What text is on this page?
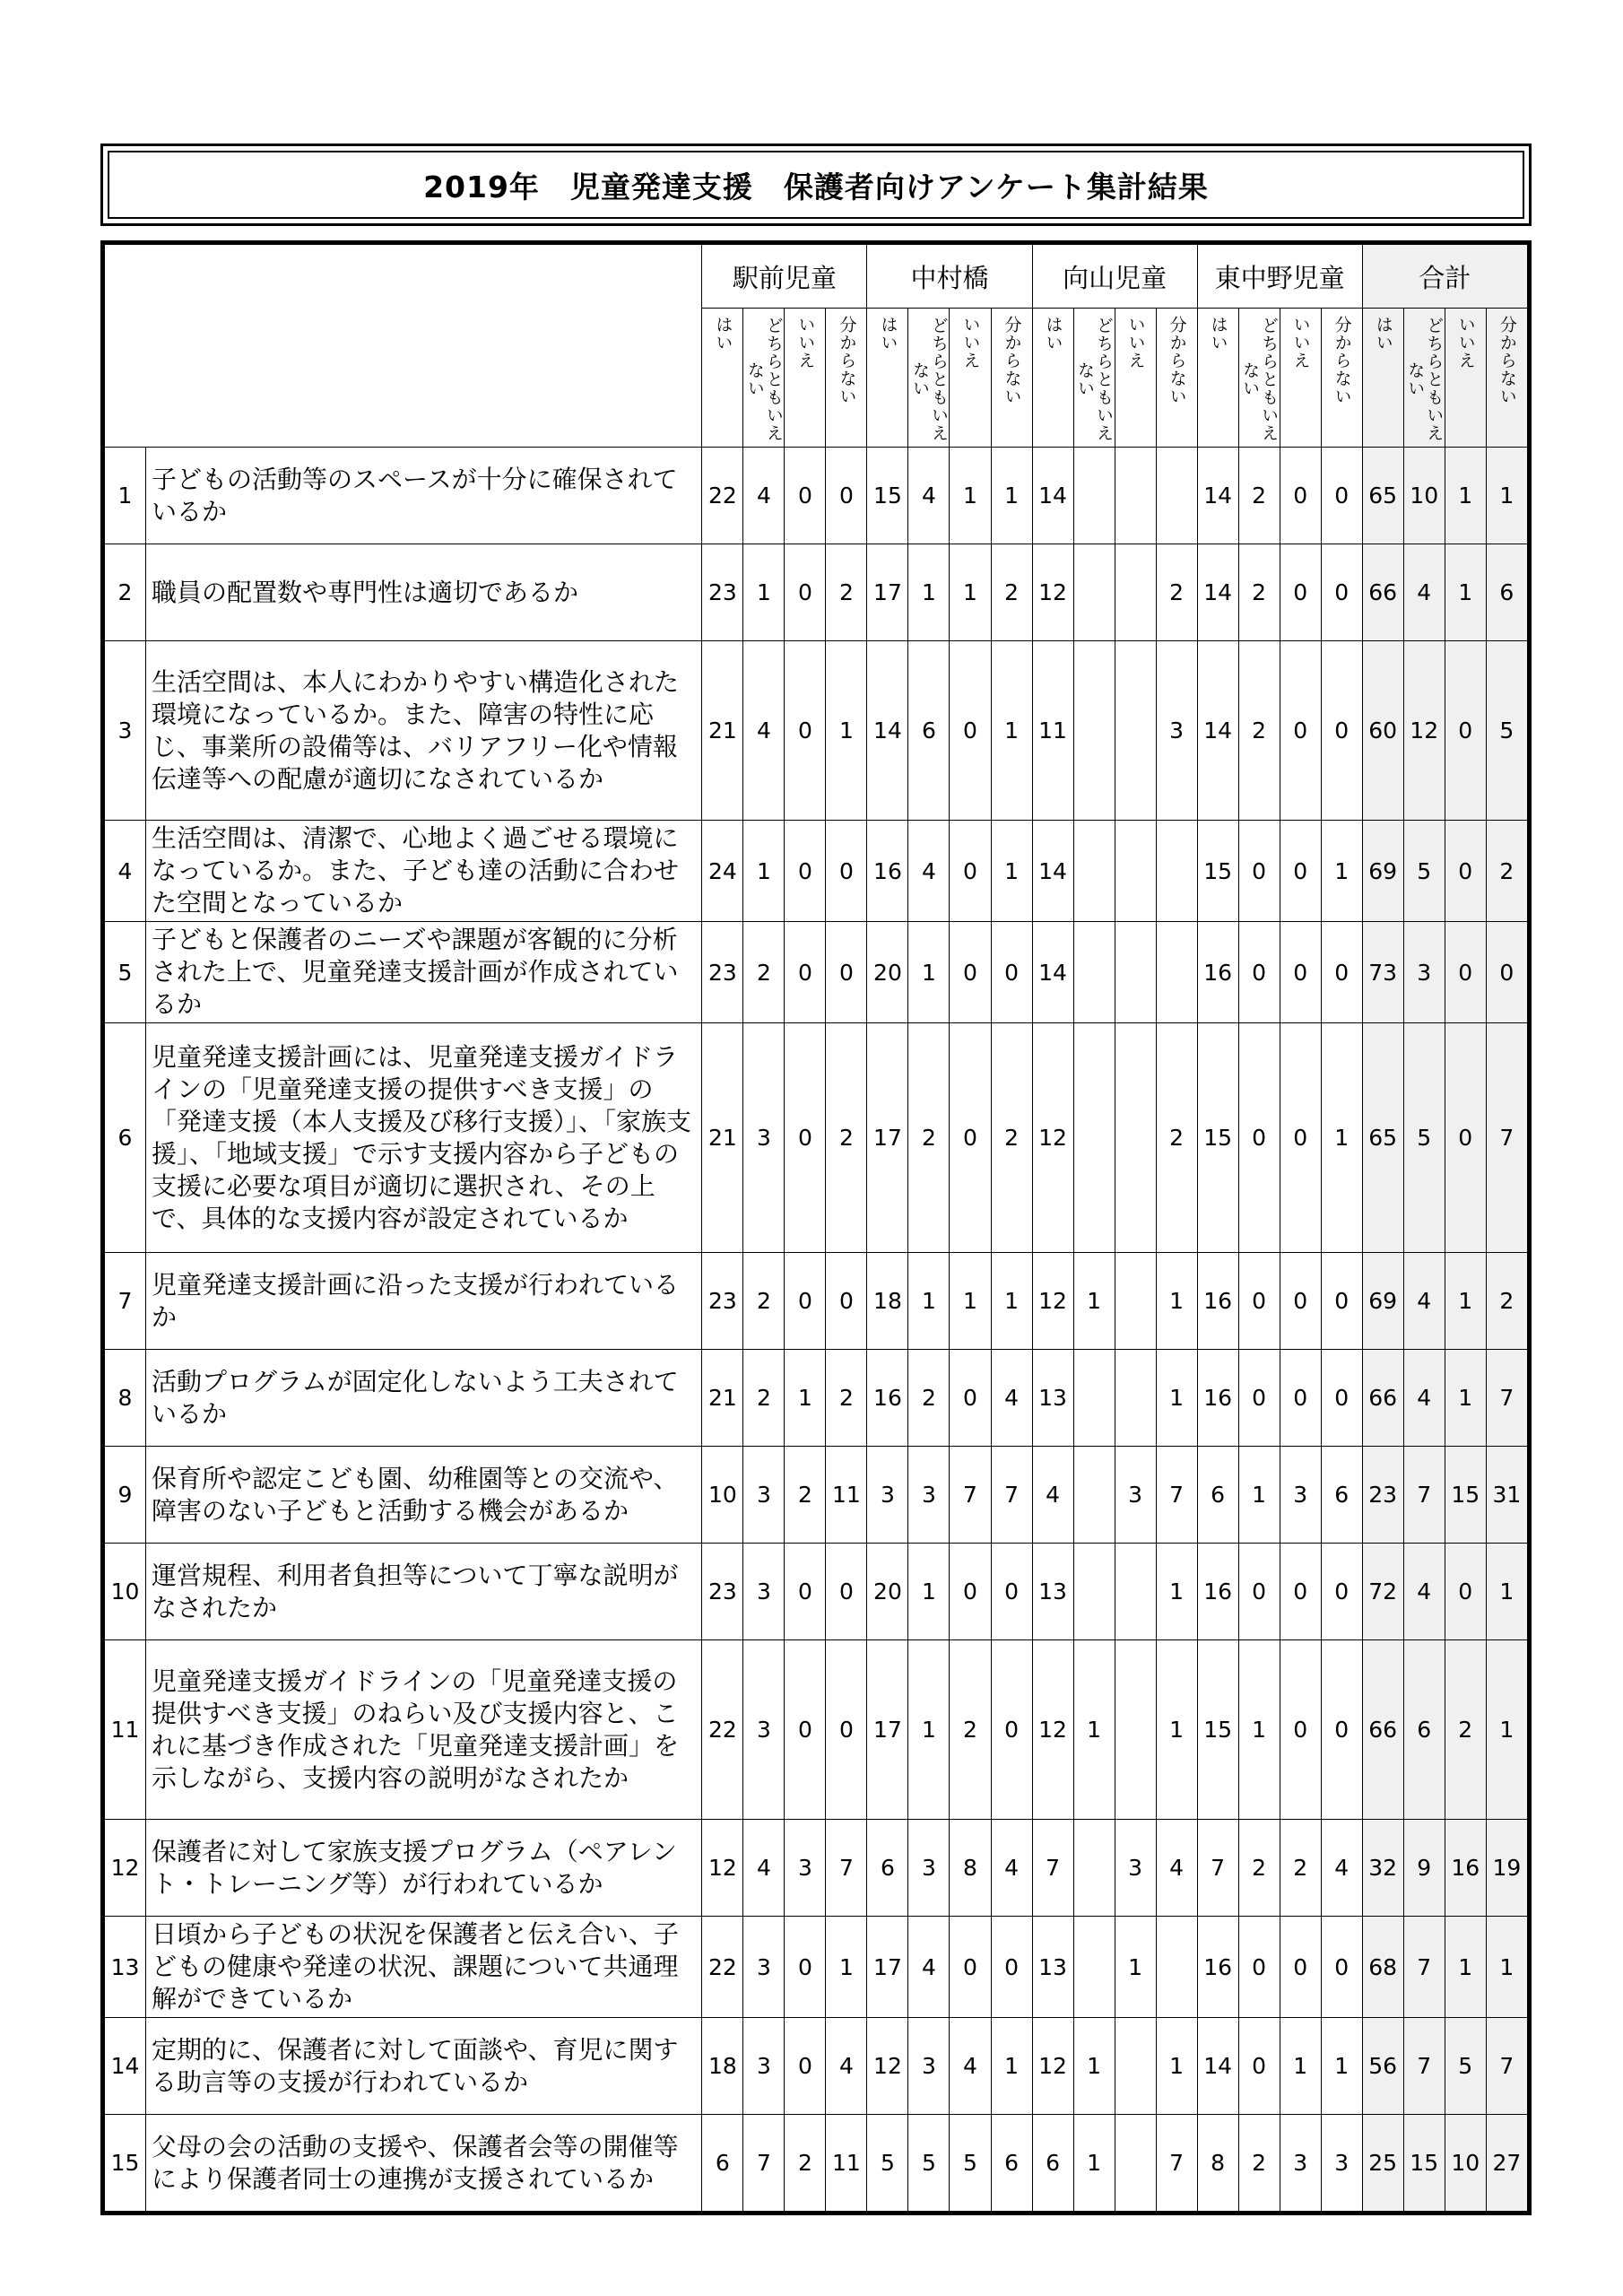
2019年　児童発達支援　保護者向けアンケート集計結果
		駅前児童				中村橋				向山児童				東中野児童				合計			
		はい	どちらともいえない	いいえ	分からない	はい	どちらともいえない	いいえ	分からない	はい	どちらともいえない	いいえ	分からない	はい	どちらともいえない	いいえ	分からない	はい	どちらともいえない	いいえ	分からない
1	子どもの活動等のスペースが十分に確保されているか	22	4	0	0	15	4	1	1	14				14	2	0	0	65	10	1	1
2	職員の配置数や専門性は適切であるか	23	1	0	2	17	1	1	2	12			2	14	2	0	0	66	4	1	6
3	生活空間は、本人にわかりやすい構造化された環境になっているか。また、障害の特性に応じ、事業所の設備等は、バリアフリー化や情報伝達等への配慮が適切になされているか	21	4	0	1	14	6	0	1	11			3	14	2	0	0	60	12	0	5
4	生活空間は、清潔で、心地よく過ごせる環境になっているか。また、子ども達の活動に合わせた空間となっているか	24	1	0	0	16	4	0	1	14				15	0	0	1	69	5	0	2
5	子どもと保護者のニーズや課題が客観的に分析された上で、児童発達支援計画が作成されているか	23	2	0	0	20	1	0	0	14				16	0	0	0	73	3	0	0
6	児童発達支援計画には、児童発達支援ガイドラインの「児童発達支援の提供すべき支援」の「発達支援（本人支援及び移行支援）」、「家族支援」、「地域支援」で示す支援内容から子どもの支援に必要な項目が適切に選択され、その上で、具体的な支援内容が設定されているか	21	3	0	2	17	2	0	2	12			2	15	0	0	1	65	5	0	7
7	児童発達支援計画に沿った支援が行われているか	23	2	0	0	18	1	1	1	12	1		1	16	0	0	0	69	4	1	2
8	活動プログラムが固定化しないよう工夫されているか	21	2	1	2	16	2	0	4	13			1	16	0	0	0	66	4	1	7
9	保育所や認定こども園、幼稚園等との交流や、障害のない子どもと活動する機会があるか	10	3	2	11	3	3	7	7	4		3	7	6	1	3	6	23	7	15	31
10	運営規程、利用者負担等について丁寧な説明がなされたか	23	3	0	0	20	1	0	0	13			1	16	0	0	0	72	4	0	1
11	児童発達支援ガイドラインの「児童発達支援の提供すべき支援」のねらい及び支援内容と、これに基づき作成された「児童発達支援計画」を示しながら、支援内容の説明がなされたか	22	3	0	0	17	1	2	0	12	1		1	15	1	0	0	66	6	2	1
12	保護者に対して家族支援プログラム（ペアレント・トレーニング等）が行われているか	12	4	3	7	6	3	8	4	7		3	4	7	2	2	4	32	9	16	19
13	日頃から子どもの状況を保護者と伝え合い、子どもの健康や発達の状況、課題について共通理解ができているか	22	3	0	1	17	4	0	0	13		1		16	0	0	0	68	7	1	1
14	定期的に、保護者に対して面談や、育児に関する助言等の支援が行われているか	18	3	0	4	12	3	4	1	12	1		1	14	0	1	1	56	7	5	7
15	父母の会の活動の支援や、保護者会等の開催等により保護者同士の連携が支援されているか	6	7	2	11	5	5	5	6	6	1		7	8	2	3	3	25	15	10	27
